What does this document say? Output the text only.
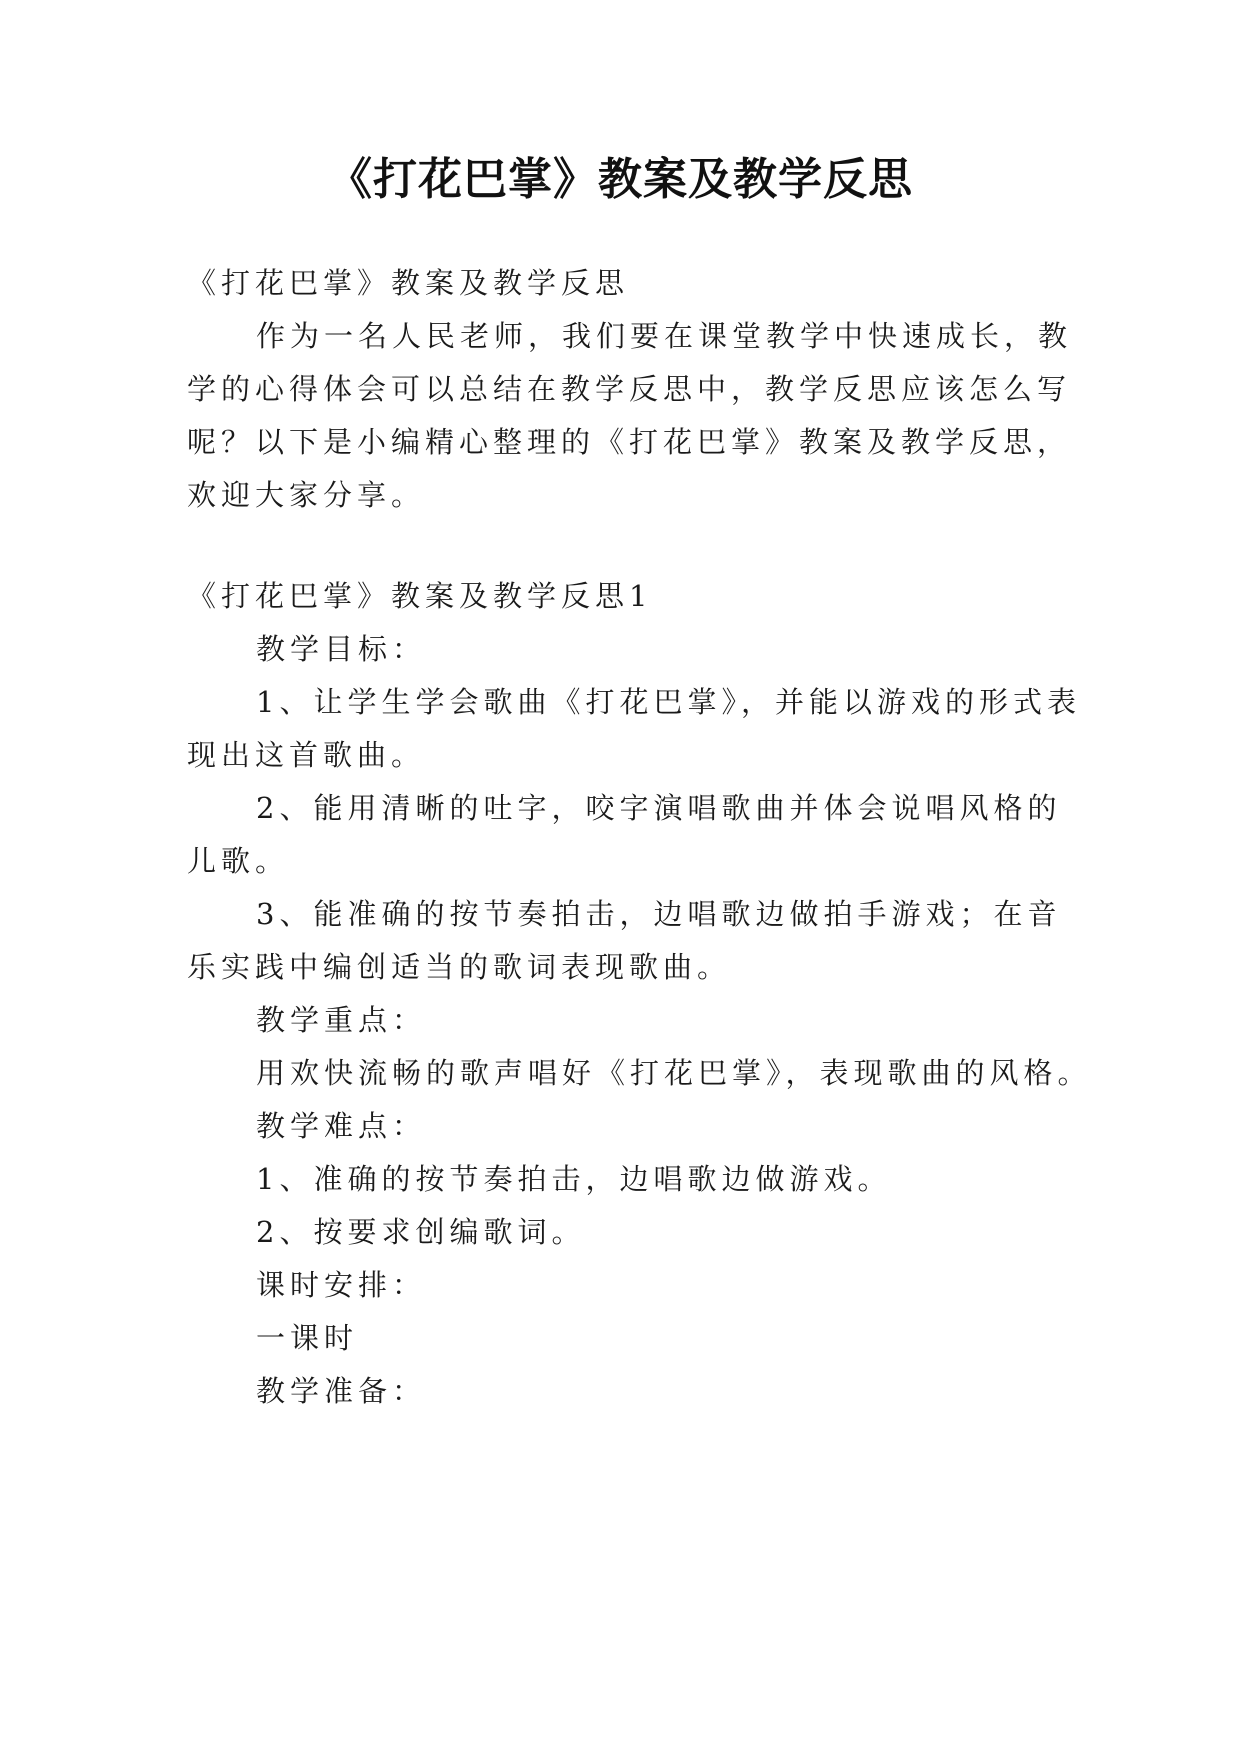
《打花巴掌》教案及教学反思
《打花巴掌》教案及教学反思
作为一名人民老师，我们要在课堂教学中快速成长，教
学的心得体会可以总结在教学反思中，教学反思应该怎么写
呢？以下是小编精心整理的《打花巴掌》教案及教学反思，
欢迎大家分享。
《打花巴掌》教案及教学反思1
教学目标：
1、让学生学会歌曲《打花巴掌》，并能以游戏的形式表
现出这首歌曲。
2、能用清晰的吐字，咬字演唱歌曲并体会说唱风格的
儿歌。
3、能准确的按节奏拍击，边唱歌边做拍手游戏；在音
乐实践中编创适当的歌词表现歌曲。
教学重点：
用欢快流畅的歌声唱好《打花巴掌》，表现歌曲的风格。
教学难点：
1、准确的按节奏拍击，边唱歌边做游戏。
2、按要求创编歌词。
课时安排：
一课时
教学准备：
